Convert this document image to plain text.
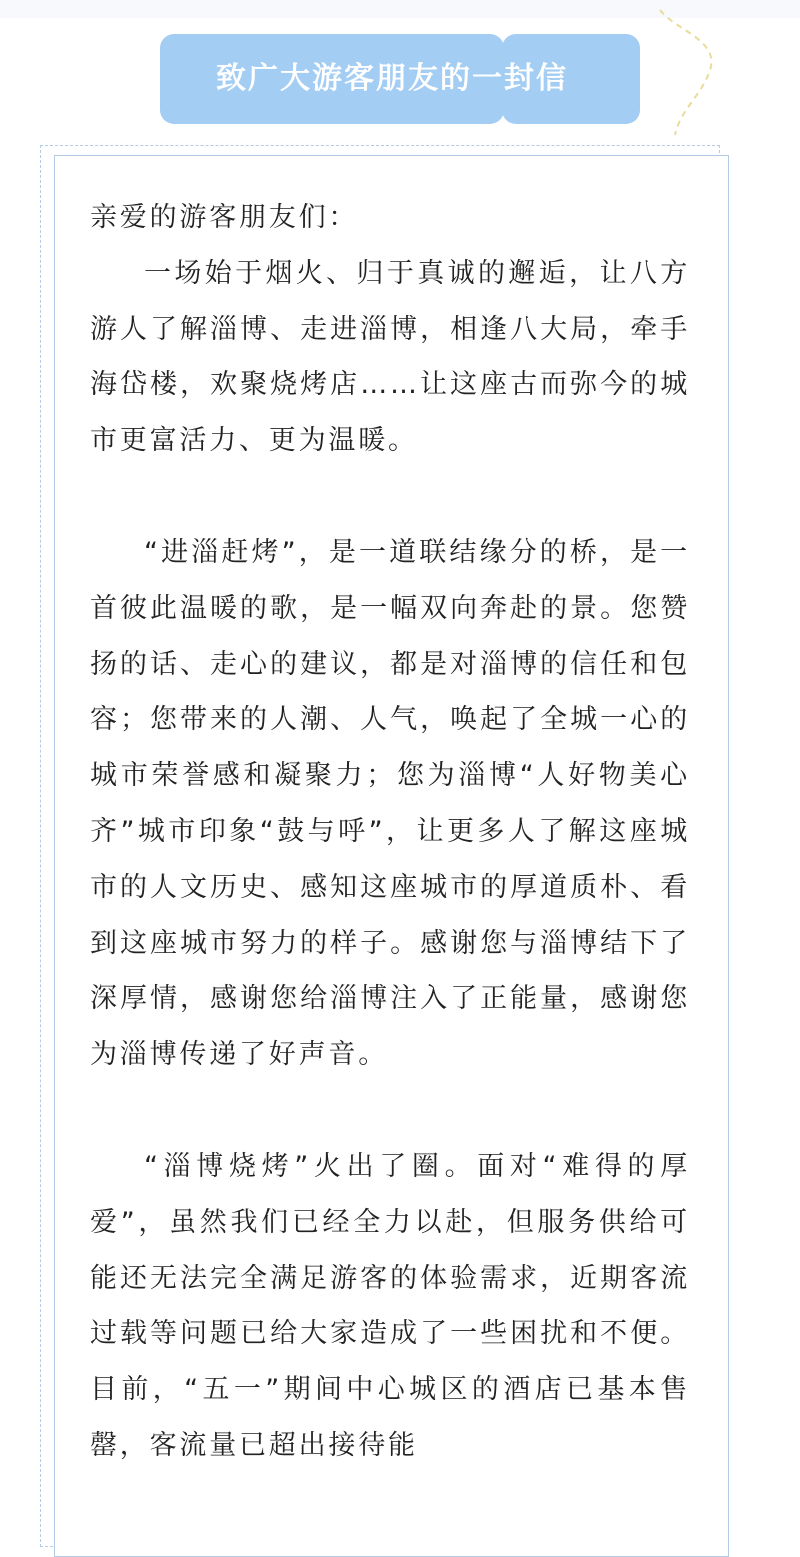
致广大游客朋友的一封信

亲爱的游客朋友们：

一场始于烟火、归于真诚的邂逅，让八方游人了解淄博、走进淄博，相逢八大局，牵手海岱楼，欢聚烧烤店……让这座古而弥今的城市更富活力、更为温暖。

“进淄赶烤”，是一道联结缘分的桥，是一首彼此温暖的歌，是一幅双向奔赴的景。您赞扬的话、走心的建议，都是对淄博的信任和包容；您带来的人潮、人气，唤起了全城一心的城市荣誉感和凝聚力；您为淄博“人好物美心齐”城市印象“鼓与呼”，让更多人了解这座城市的人文历史、感知这座城市的厚道质朴、看到这座城市努力的样子。感谢您与淄博结下了深厚情，感谢您给淄博注入了正能量，感谢您为淄博传递了好声音。

“淄博烧烤”火出了圈。面对“难得的厚爱”，虽然我们已经全力以赴，但服务供给可能还无法完全满足游客的体验需求，近期客流过载等问题已给大家造成了一些困扰和不便。目前，“五一”期间中心城区的酒店已基本售罄，客流量已超出接待能
